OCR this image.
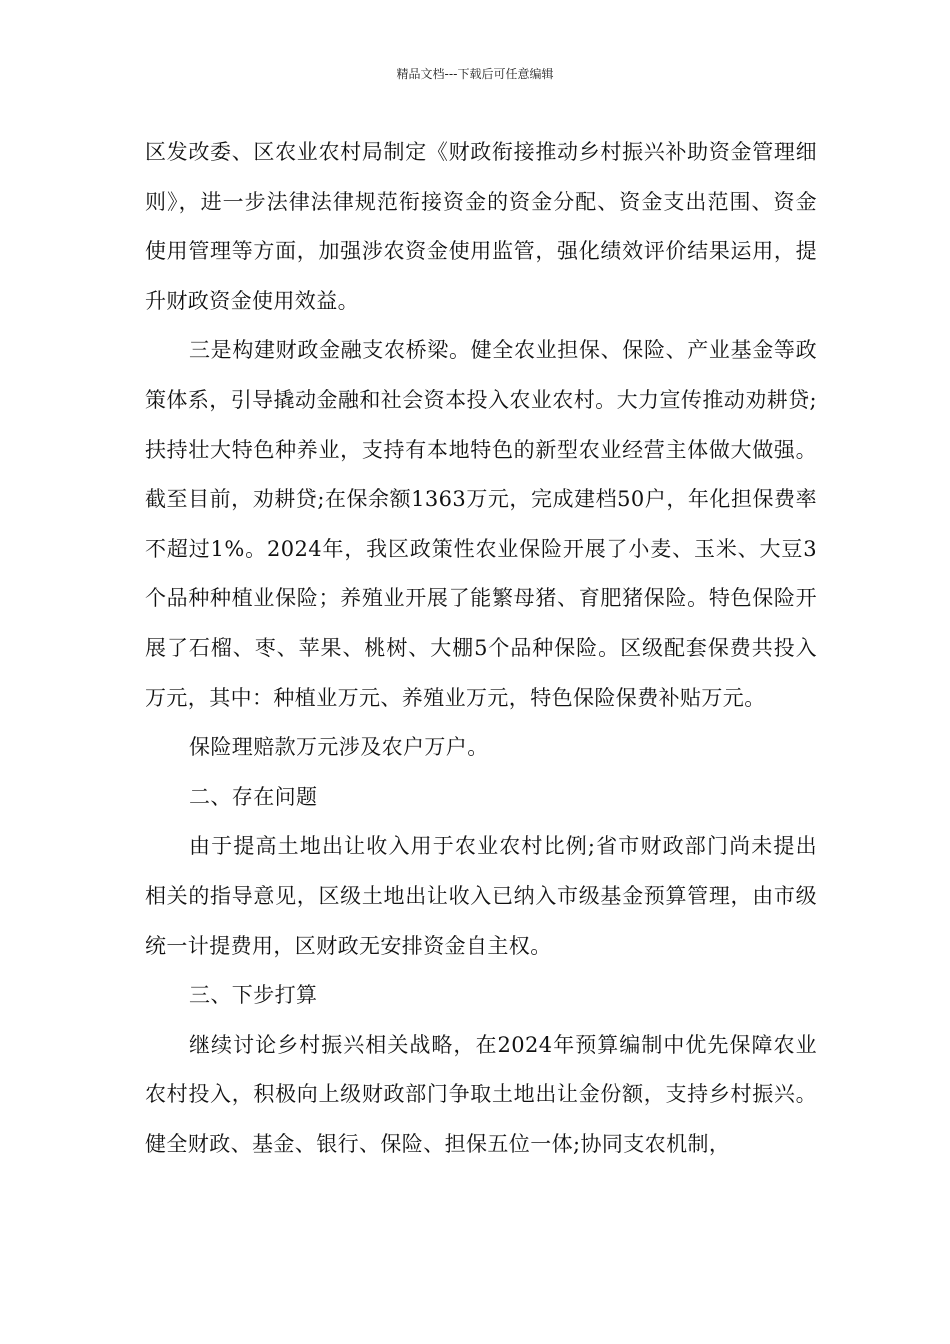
精品文档---下载后可任意编辑

区发改委、区农业农村局制定《财政衔接推动乡村振兴补助资金管理细则》，进一步法律法律规范衔接资金的资金分配、资金支出范围、资金使用管理等方面，加强涉农资金使用监管，强化绩效评价结果运用，提升财政资金使用效益。

三是构建财政金融支农桥梁。健全农业担保、保险、产业基金等政策体系，引导撬动金融和社会资本投入农业农村。大力宣传推动劝耕贷;扶持壮大特色种养业，支持有本地特色的新型农业经营主体做大做强。截至目前，劝耕贷;在保余额1363万元，完成建档50户，年化担保费率不超过1%。2024年，我区政策性农业保险开展了小麦、玉米、大豆3个品种种植业保险；养殖业开展了能繁母猪、育肥猪保险。特色保险开展了石榴、枣、苹果、桃树、大棚5个品种保险。区级配套保费共投入万元，其中：种植业万元、养殖业万元，特色保险保费补贴万元。

保险理赔款万元涉及农户万户。

二、存在问题

由于提高土地出让收入用于农业农村比例;省市财政部门尚未提出相关的指导意见，区级土地出让收入已纳入市级基金预算管理，由市级统一计提费用，区财政无安排资金自主权。

三、下步打算

继续讨论乡村振兴相关战略，在2024年预算编制中优先保障农业农村投入，积极向上级财政部门争取土地出让金份额，支持乡村振兴。健全财政、基金、银行、保险、担保五位一体;协同支农机制，
